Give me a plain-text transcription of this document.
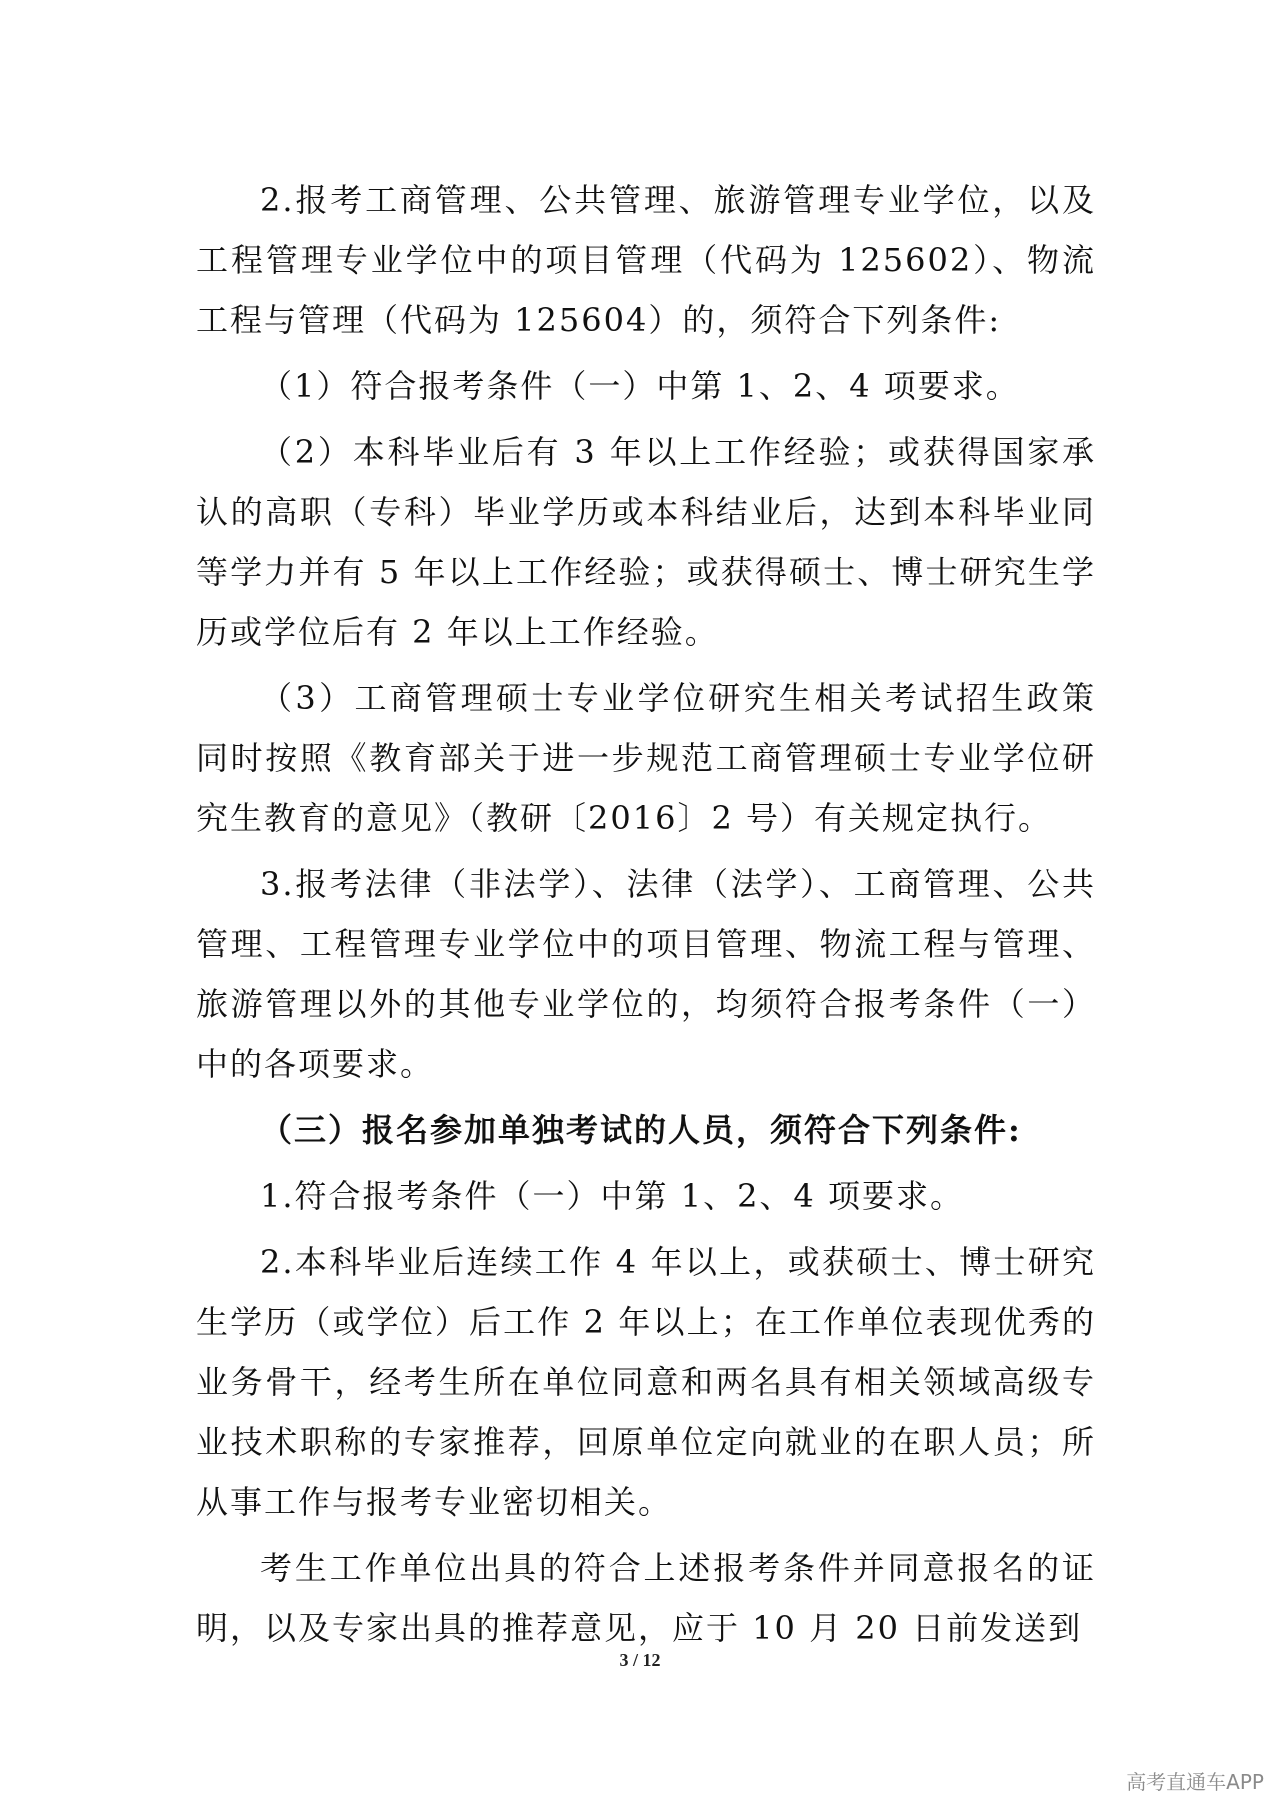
2.报考工商管理、公共管理、旅游管理专业学位，以及工程管理专业学位中的项目管理（代码为 125602）、物流工程与管理（代码为 125604）的，须符合下列条件:

（1）符合报考条件（一）中第 1、2、4 项要求。

（2）本科毕业后有 3 年以上工作经验；或获得国家承认的高职（专科）毕业学历或本科结业后，达到本科毕业同等学力并有 5 年以上工作经验；或获得硕士、博士研究生学历或学位后有 2 年以上工作经验。

（3）工商管理硕士专业学位研究生相关考试招生政策同时按照《教育部关于进一步规范工商管理硕士专业学位研究生教育的意见》（教研〔2016〕2 号）有关规定执行。

3.报考法律（非法学）、法律（法学）、工商管理、公共管理、工程管理专业学位中的项目管理、物流工程与管理、旅游管理以外的其他专业学位的，均须符合报考条件（一）中的各项要求。

（三）报名参加单独考试的人员，须符合下列条件:

1.符合报考条件（一）中第 1、2、4 项要求。

2.本科毕业后连续工作 4 年以上，或获硕士、博士研究生学历（或学位）后工作 2 年以上；在工作单位表现优秀的业务骨干，经考生所在单位同意和两名具有相关领域高级专业技术职称的专家推荐，回原单位定向就业的在职人员；所从事工作与报考专业密切相关。

考生工作单位出具的符合上述报考条件并同意报名的证明，以及专家出具的推荐意见，应于 10 月 20 日前发送到

3 / 12
高考直通车APP
